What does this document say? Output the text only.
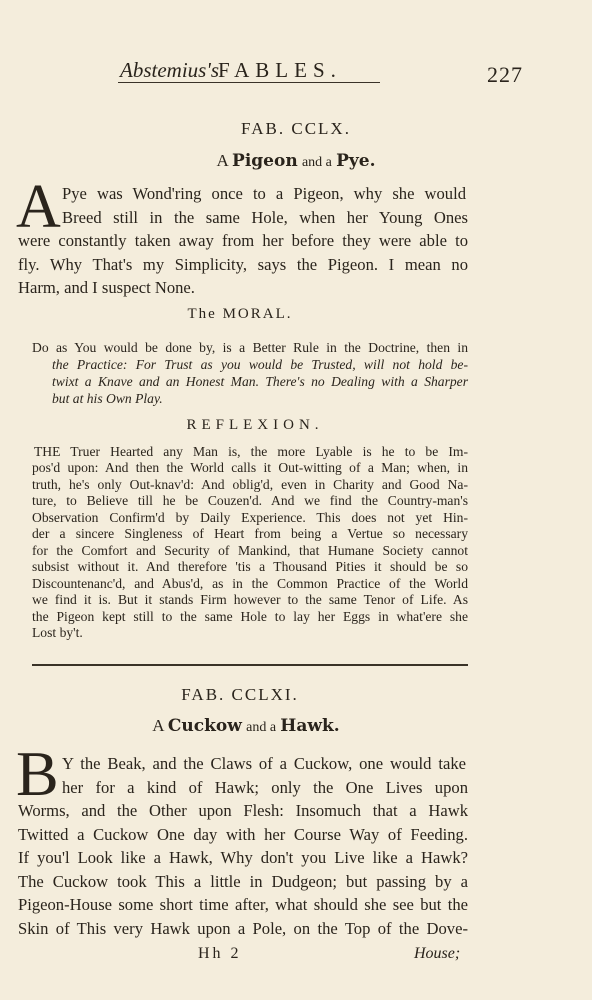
Abstemius's FABLES.	227
FAB. CCLX.
A Pigeon and a Pye.
A Pye was Wond'ring once to a Pigeon, why she would
Breed still in the same Hole, when her Young Ones
were constantly taken away from her before they were able to
fly. Why That's my Simplicity, says the Pigeon. I mean no
Harm, and I suspect None.
The MORAL.
Do as You would be done by, is a Better Rule in the Doctrine, then in
the Practice: For Trust as you would be Trusted, will not hold be-
twixt a Knave and an Honest Man. There's no Dealing with a Sharper
but at his Own Play.
REFLEXION.
THE Truer Hearted any Man is, the more Lyable is he to be Im-
pos'd upon: And then the World calls it Out-witting of a Man; when, in
truth, he's only Out-knav'd: And oblig'd, even in Charity and Good Na-
ture, to Believe till he be Couzen'd. And we find the Country-man's
Observation Confirm'd by Daily Experience. This does not yet Hin-
der a sincere Singleness of Heart from being a Vertue so necessary
for the Comfort and Security of Mankind, that Humane Society cannot
subsist without it. And therefore 'tis a Thousand Pities it should be so
Discountenanc'd, and Abus'd, as in the Common Practice of the World
we find it is. But it stands Firm however to the same Tenor of Life. As
the Pigeon kept still to the same Hole to lay her Eggs in what'ere she
Lost by't.
FAB. CCLXI.
A Cuckow and a Hawk.
B Y the Beak, and the Claws of a Cuckow, one would take
her for a kind of Hawk; only the One Lives upon
Worms, and the Other upon Flesh: Insomuch that a Hawk
Twitted a Cuckow One day with her Course Way of Feeding.
If you'l Look like a Hawk, Why don't you Live like a Hawk?
The Cuckow took This a little in Dudgeon; but passing by a
Pigeon-House some short time after, what should she see but the
Skin of This very Hawk upon a Pole, on the Top of the Dove-
Hh 2	House;
